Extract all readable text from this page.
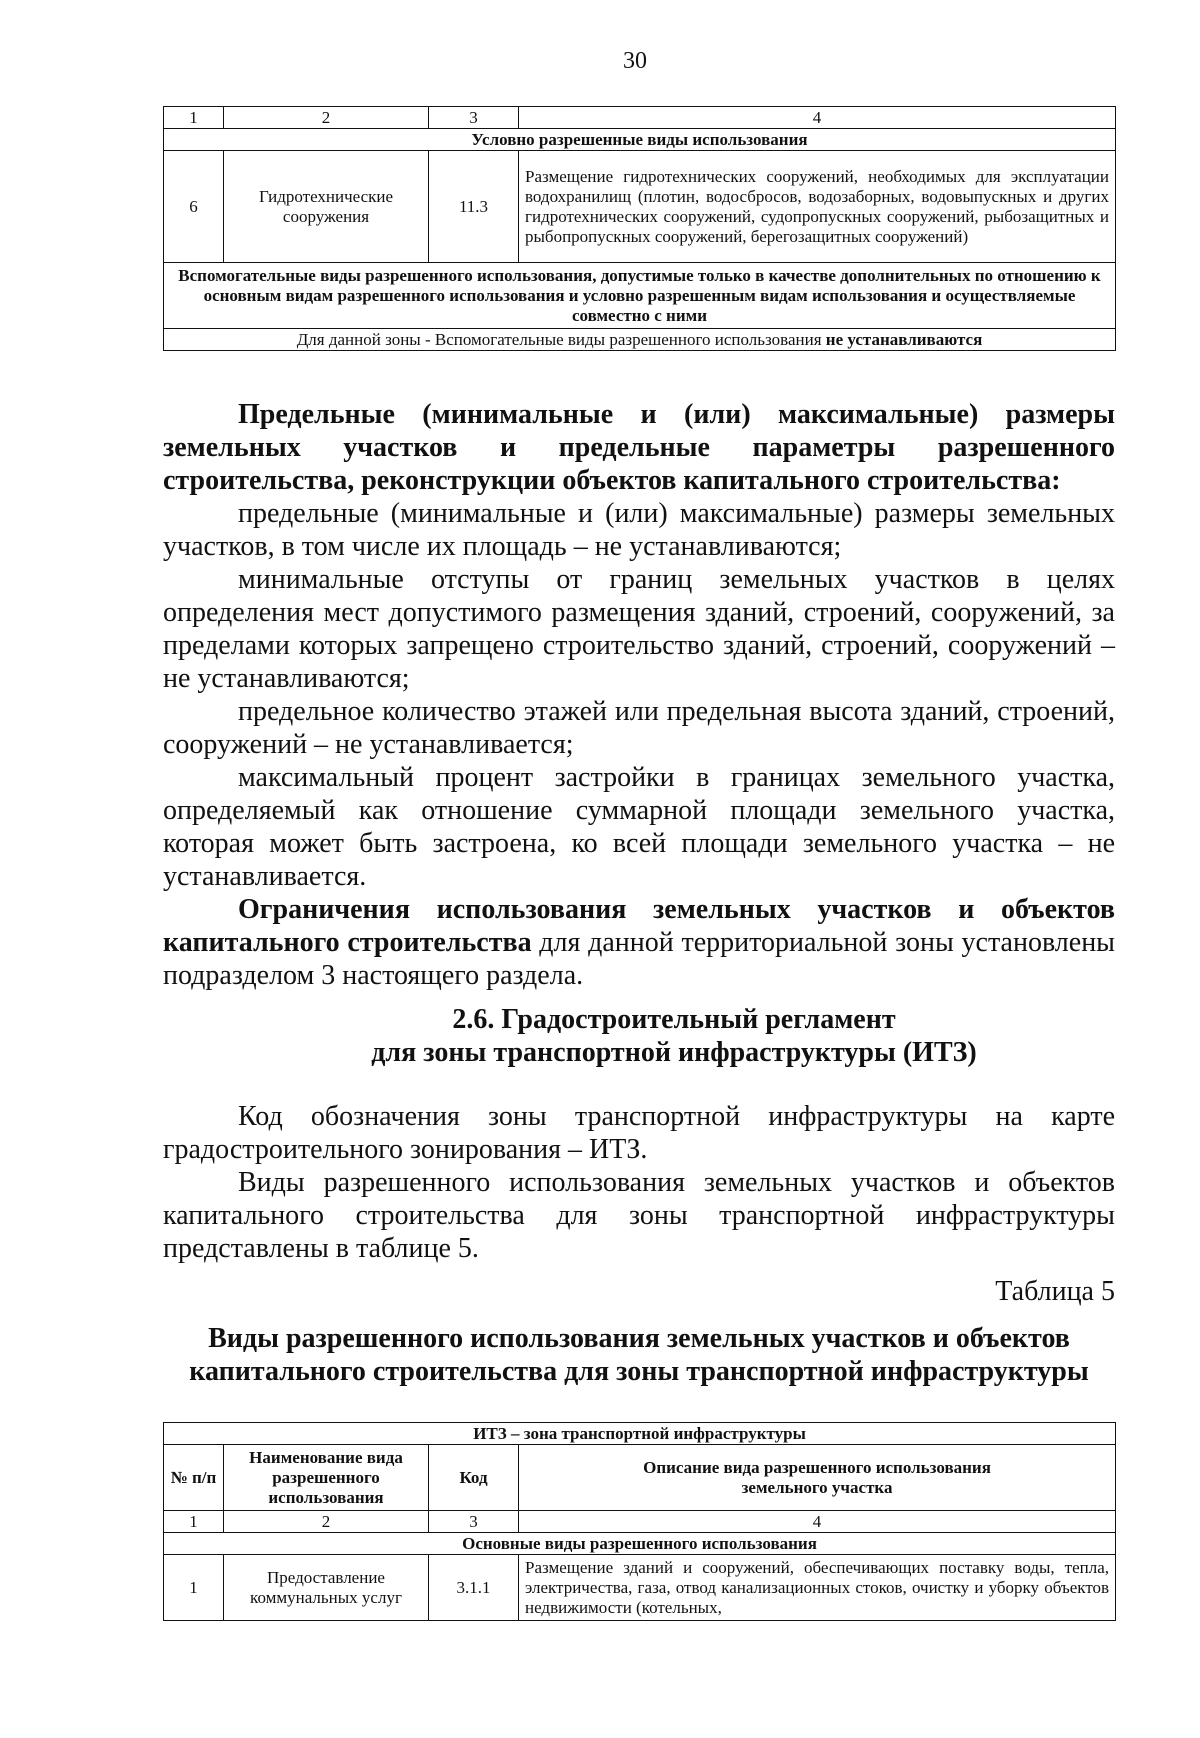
30
1	2	3	4
Условно разрешенные виды использования			
6	Гидротехнические сооружения	11.3	Размещение гидротехнических сооружений, необходимых для эксплуатации водохранилищ (плотин, водосбросов, водозаборных, водовыпускных и других гидротехнических сооружений, судопропускных сооружений, рыбозащитных и рыбопропускных сооружений, берегозащитных сооружений)
Вспомогательные виды разрешенного использования, допустимые только в качестве дополнительных по отношению к основным видам разрешенного использования и условно разрешенным видам использования и осуществляемые совместно с ними			
Для данной зоны - Вспомогательные виды разрешенного использования не устанавливаются			

Предельные (минимальные и (или) максимальные) размеры земельных участков и предельные параметры разрешенного строительства, реконструкции объектов капитального строительства:

предельные (минимальные и (или) максимальные) размеры земельных участков, в том числе их площадь – не устанавливаются;

минимальные отступы от границ земельных участков в целях определения мест допустимого размещения зданий, строений, сооружений, за пределами которых запрещено строительство зданий, строений, сооружений – не устанавливаются;

предельное количество этажей или предельная высота зданий, строений, сооружений – не устанавливается;

максимальный процент застройки в границах земельного участка, определяемый как отношение суммарной площади земельного участка, которая может быть застроена, ко всей площади земельного участка – не устанавливается.

Ограничения использования земельных участков и объектов капитального строительства для данной территориальной зоны установлены подразделом 3 настоящего раздела.

2.6. Градостроительный регламент
для зоны транспортной инфраструктуры (ИТЗ)

Код обозначения зоны транспортной инфраструктуры на карте градостроительного зонирования – ИТЗ.

Виды разрешенного использования земельных участков и объектов капитального строительства для зоны транспортной инфраструктуры представлены в таблице 5.

Таблица 5

Виды разрешенного использования земельных участков и объектов
капитального строительства для зоны транспортной инфраструктуры
ИТЗ – зона транспортной инфраструктуры			
№ п/п	Наименование вида разрешенного использования	Код	Описание вида разрешенного использования земельного участка
1	2	3	4
Основные виды разрешенного использования			
1	Предоставление коммунальных услуг	3.1.1	Размещение зданий и сооружений, обеспечивающих поставку воды, тепла, электричества, газа, отвод канализационных стоков, очистку и уборку объектов недвижимости (котельных,
